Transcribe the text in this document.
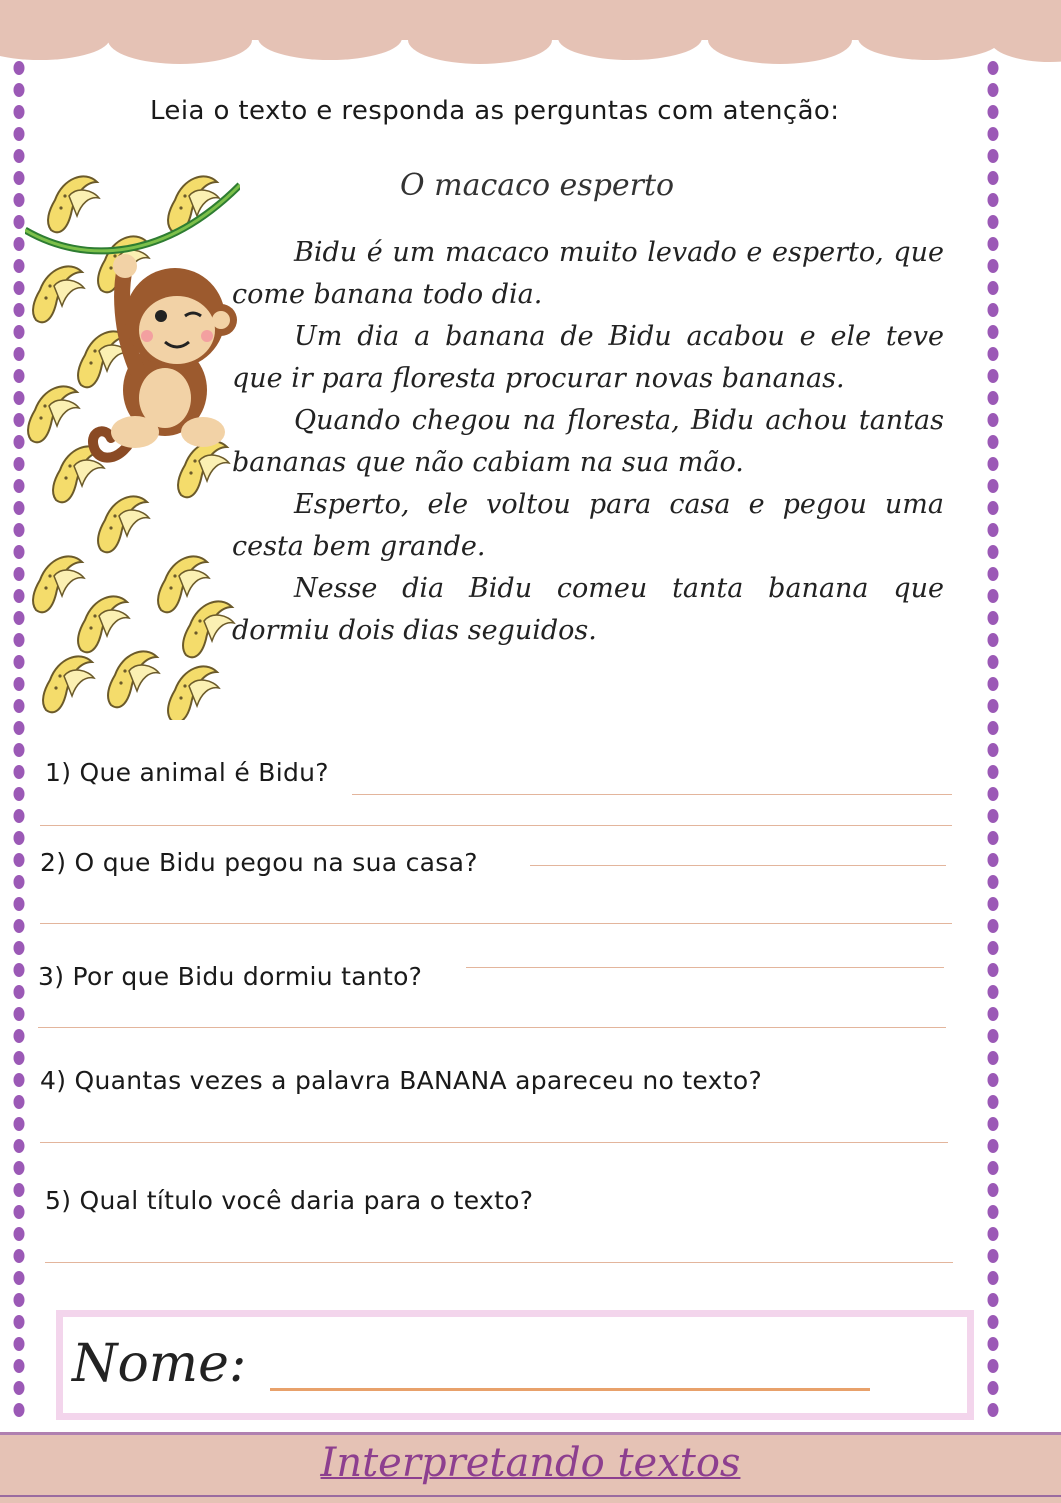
Leia o texto e responda as perguntas com atenção:
O macaco esperto

Bidu é um macaco muito levado e esperto, que come banana todo dia.

Um dia a banana de Bidu acabou e ele teve que ir para floresta procurar novas bananas.

Quando chegou na floresta, Bidu achou tantas bananas que não cabiam na sua mão.

Esperto, ele voltou para casa e pegou uma cesta bem grande.

Nesse dia Bidu comeu tanta banana que dormiu dois dias seguidos.

1) Que animal é Bidu?
2) O que Bidu pegou na sua casa?
3) Por que Bidu dormiu tanto?
4) Quantas vezes a palavra BANANA apareceu no texto?
5) Qual título você daria para o texto?
Nome:
Interpretando textos
